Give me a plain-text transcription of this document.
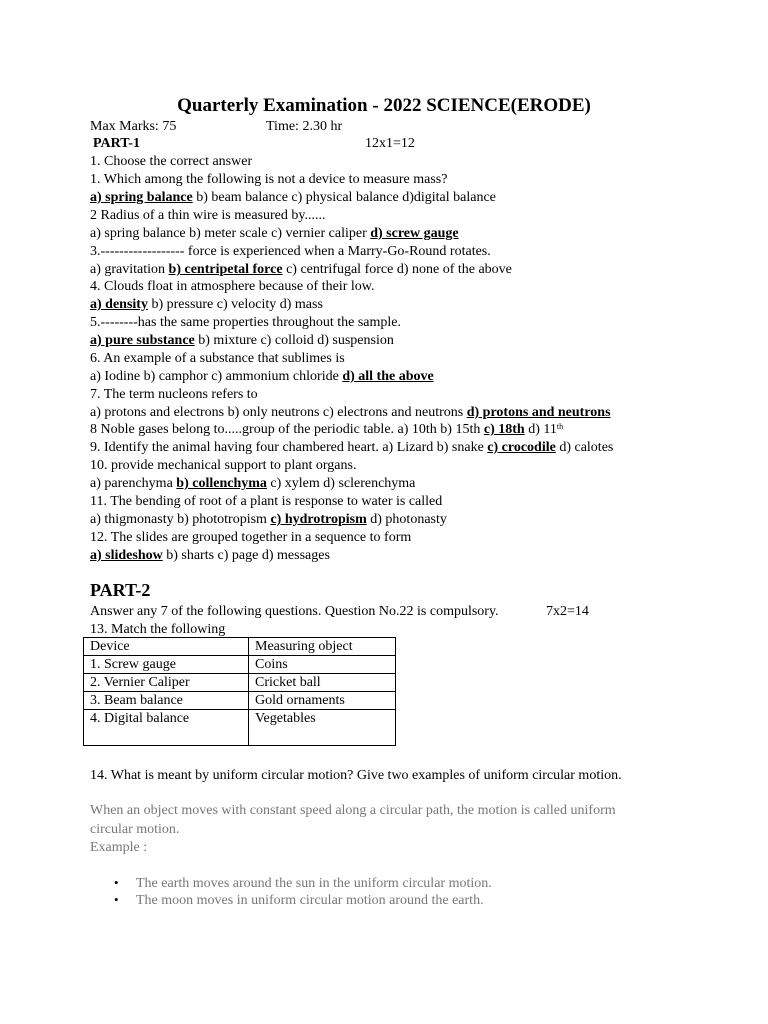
Quarterly Examination - 2022 SCIENCE(ERODE)
Max Marks: 75	Time: 2.30 hr
PART-1	12x1=12
1. Choose the correct answer
1. Which among the following is not a device to measure mass?
a) spring balance b) beam balance c) physical balance d)digital balance
2 Radius of a thin wire is measured by......
a) spring balance b) meter scale c) vernier caliper d) screw gauge
3.------------------ force is experienced when a Marry-Go-Round rotates.
a) gravitation b) centripetal force c) centrifugal force d) none of the above
4. Clouds float in atmosphere because of their low.
a) density b) pressure c) velocity d) mass
5.--------has the same properties throughout the sample.
a) pure substance b) mixture c) colloid d) suspension
6. An example of a substance that sublimes is
a) Iodine b) camphor c) ammonium chloride d) all the above
7. The term nucleons refers to
a) protons and electrons b) only neutrons c) electrons and neutrons d) protons and neutrons
8 Noble gases belong to.....group of the periodic table. a) 10th b) 15th c) 18th d) 11th
9. Identify the animal having four chambered heart. a) Lizard b) snake c) crocodile d) calotes
10. provide mechanical support to plant organs.
a) parenchyma b) collenchyma c) xylem d) sclerenchyma
11. The bending of root of a plant is response to water is called
a) thigmonasty b) phototropism c) hydrotropism d) photonasty
12. The slides are grouped together in a sequence to form
a) slideshow b) sharts c) page d) messages
PART-2
Answer any 7 of the following questions. Question No.22 is compulsory.	7x2=14
13. Match the following
Device	Measuring object
1. Screw gauge	Coins
2. Vernier Caliper	Cricket ball
3. Beam balance	Gold ornaments
4. Digital balance	Vegetables
14. What is meant by uniform circular motion? Give two examples of uniform circular motion.
When an object moves with constant speed along a circular path, the motion is called uniform
circular motion.
Example :
• The earth moves around the sun in the uniform circular motion.
• The moon moves in uniform circular motion around the earth.
